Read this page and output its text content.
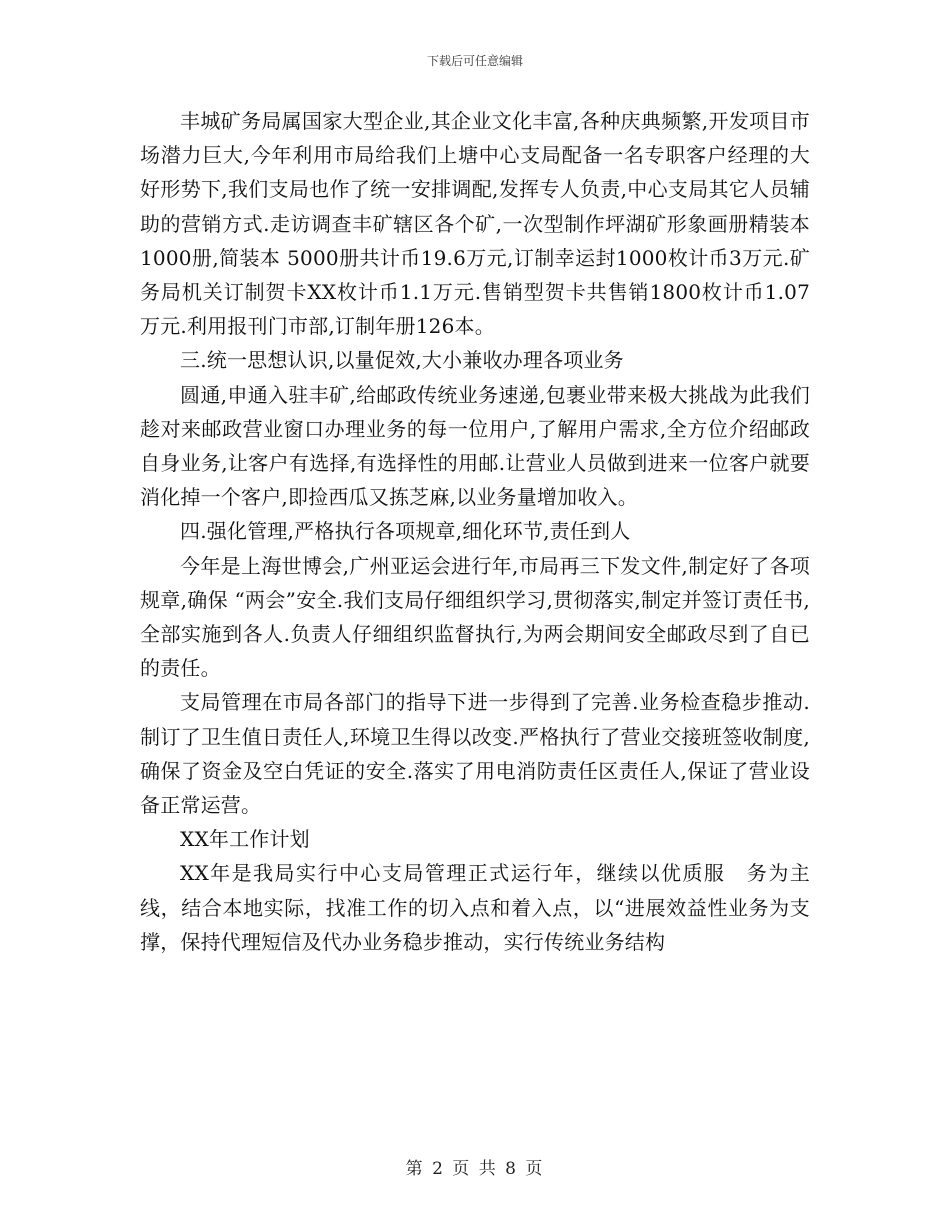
下载后可任意编辑

丰城矿务局属国家大型企业,其企业文化丰富,各种庆典频繁,开发项目市场潜力巨大,今年利用市局给我们上塘中心支局配备一名专职客户经理的大好形势下,我们支局也作了统一安排调配,发挥专人负责,中心支局其它人员辅助的营销方式.走访调查丰矿辖区各个矿,一次型制作坪湖矿形象画册精装本1000册,简装本 5000册共计币19.6万元,订制幸运封1000枚计币3万元.矿务局机关订制贺卡XX枚计币1.1万元.售销型贺卡共售销1800枚计币1.07 万元.利用报刊门市部,订制年册126本。

三.统一思想认识,以量促效,大小兼收办理各项业务

圆通,申通入驻丰矿,给邮政传统业务速递,包裹业带来极大挑战为此我们趁对来邮政营业窗口办理业务的每一位用户,了解用户需求,全方位介绍邮政自身业务,让客户有选择,有选择性的用邮.让营业人员做到进来一位客户就要消化掉一个客户,即捡西瓜又拣芝麻,以业务量增加收入。

四.强化管理,严格执行各项规章,细化环节,责任到人

今年是上海世博会,广州亚运会进行年,市局再三下发文件,制定好了各项规章,确保 “两会”安全.我们支局仔细组织学习,贯彻落实,制定并签订责任书,全部实施到各人.负责人仔细组织监督执行,为两会期间安全邮政尽到了自已的责任。

支局管理在市局各部门的指导下进一步得到了完善.业务检查稳步推动.制订了卫生值日责任人,环境卫生得以改变.严格执行了营业交接班签收制度,确保了资金及空白凭证的安全.落实了用电消防责任区责任人,保证了营业设备正常运营。

XX年工作计划

XX年是我局实行中心支局管理正式运行年，继续以优质服　务为主线，结合本地实际，找准工作的切入点和着入点，以“进展效益性业务为支撑，保持代理短信及代办业务稳步推动，实行传统业务结构

第 2 页 共 8 页
